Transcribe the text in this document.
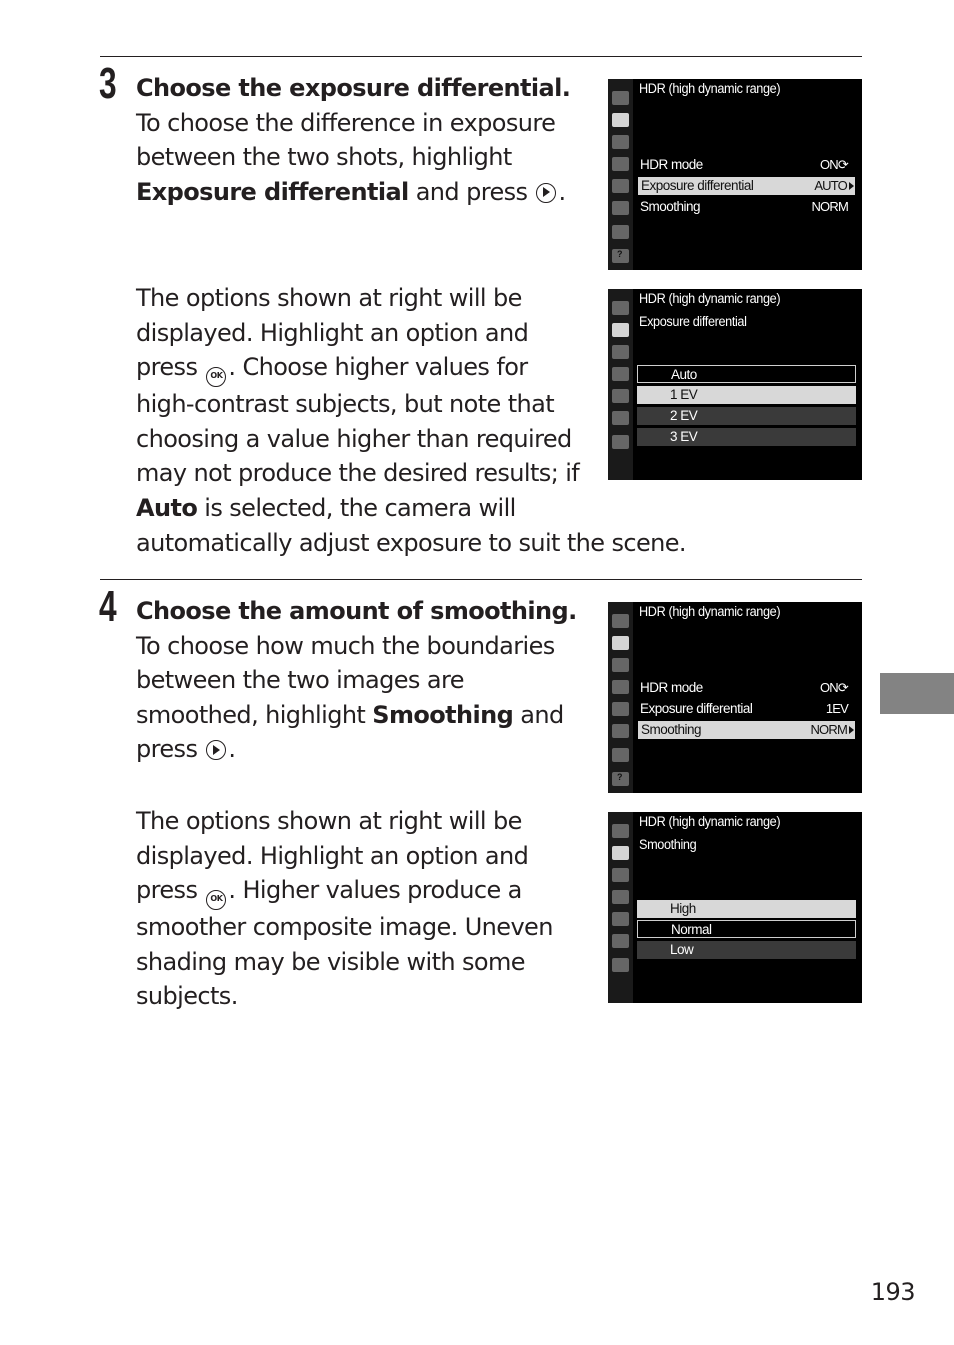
3 Choose the exposure differential.

To choose the difference in exposure

between the two shots, highlight

Exposure differential and press .

The options shown at right will be

displayed. Highlight an option and

press OK . Choose higher values for

high-contrast subjects, but note that

choosing a value higher than required

may not produce the desired results; if

Auto is selected, the camera will

automatically adjust exposure to suit the scene.

?
HDR (high dynamic range)
HDR mode	ON⟳
Exposure differential	AUTO
Smoothing	NORM
HDR (high dynamic range)
Exposure differential
Auto
1 EV
2 EV
3 EV
4 Choose the amount of smoothing.

To choose how much the boundaries

between the two images are

smoothed, highlight Smoothing and

press .

The options shown at right will be

displayed. Highlight an option and

press OK . Higher values produce a

smoother composite image. Uneven

shading may be visible with some

subjects.

?
HDR (high dynamic range)
HDR mode	ON⟳
Exposure differential	1EV
Smoothing	NORM
HDR (high dynamic range)
Smoothing
High
Normal
Low
193
